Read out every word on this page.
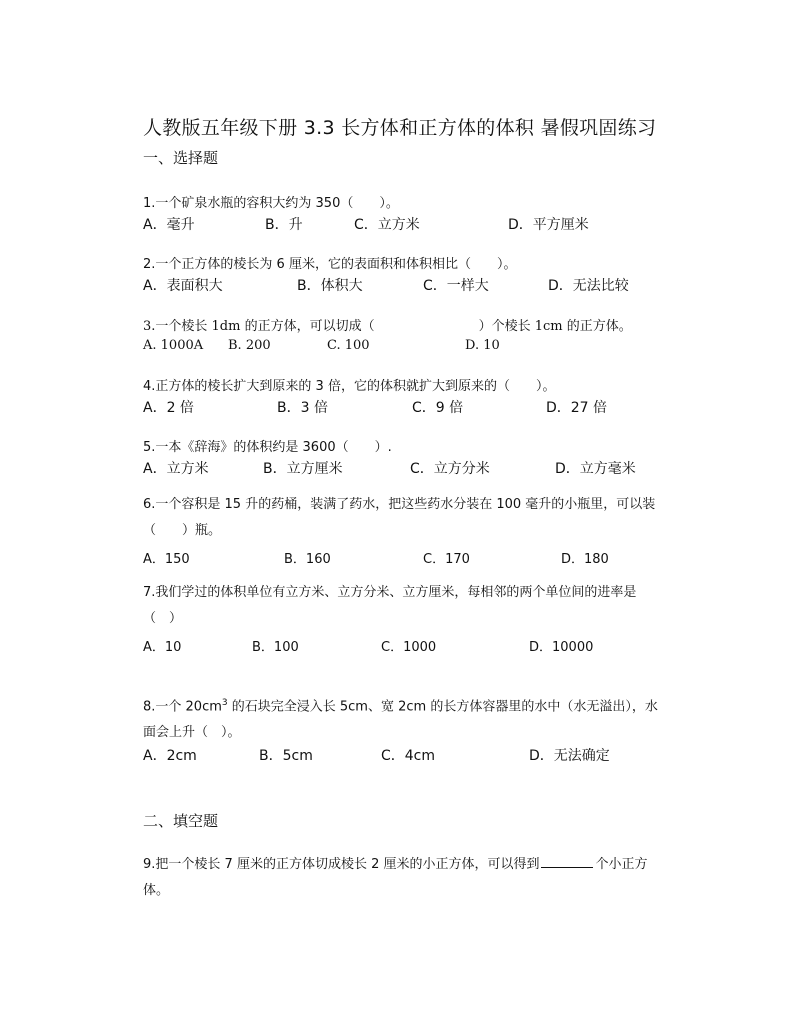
人教版五年级下册 3.3 长方体和正方体的体积 暑假巩固练习
一、选择题
1.一个矿泉水瓶的容积大约为 350（　　）。
A．毫升	B．升	C．立方米	D．平方厘米
2.一个正方体的棱长为 6 厘米，它的表面积和体积相比（　　）。
A．表面积大	B．体积大	C．一样大	D．无法比较
3.一个棱长 1dm 的正方体，可以切成（　　　　　　　　）个棱长 1cm 的正方体。
A. 1000A B. 200	C. 100	D. 10
4.正方体的棱长扩大到原来的 3 倍，它的体积就扩大到原来的（　　）。
A．2 倍	B．3 倍	C．9 倍	D．27 倍
5.一本《辞海》的体积约是 3600（　　）.
A．立方米	B．立方厘米	C．立方分米	D．立方毫米
6.一个容积是 15 升的药桶，装满了药水，把这些药水分装在 100 毫升的小瓶里，可以装（　　）瓶。
A．150	B．160	C．170	D．180
7.我们学过的体积单位有立方米、立方分米、立方厘米，每相邻的两个单位间的进率是（　）
A．10	B．100	C．1000	D．10000
8.一个 $20cm^3$ 的石块完全浸入长 5cm、宽 2cm 的长方体容器里的水中（水无溢出），水面会上升（　）。
A．2cm	B．5cm	C．4cm	D．无法确定
二、填空题
9.把一个棱长 7 厘米的正方体切成棱长 2 厘米的小正方体，可以得到	个小正方体。
